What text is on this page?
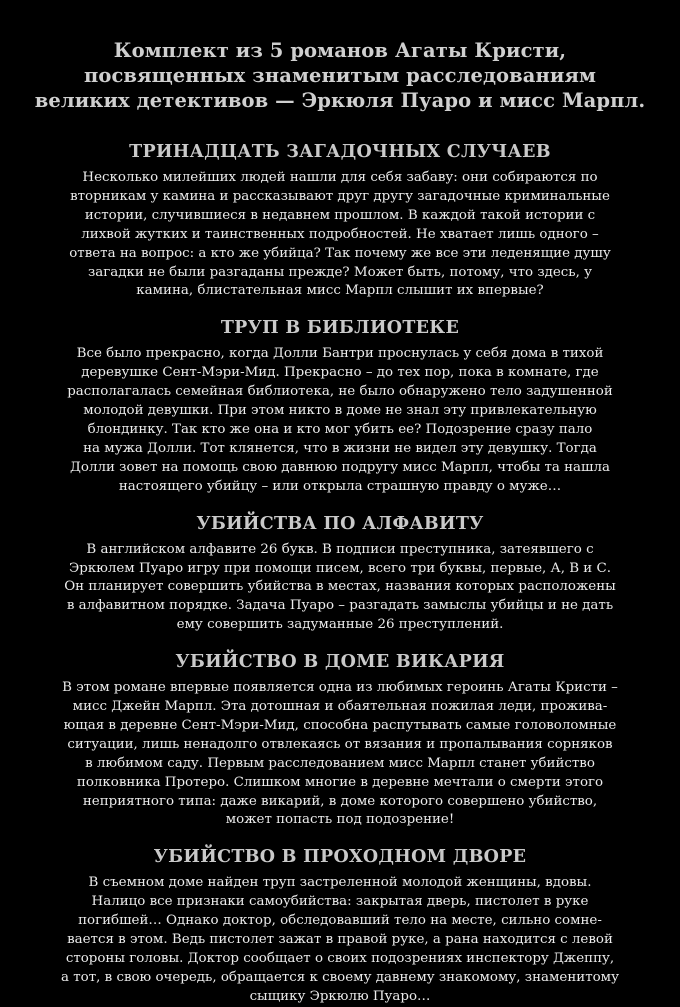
Комплект из 5 романов Агаты Кристи,
посвященных знаменитым расследованиям
великих детективов — Эркюля Пуаро и мисс Марпл.
ТРИНАДЦАТЬ ЗАГАДОЧНЫХ СЛУЧАЕВ
Несколько милейших людей нашли для себя забаву: они собираются по
вторникам у камина и рассказывают друг другу загадочные криминальные
истории, случившиеся в недавнем прошлом. В каждой такой истории с
лихвой жутких и таинственных подробностей. Не хватает лишь одного –
ответа на вопрос: а кто же убийца? Так почему же все эти леденящие душу
загадки не были разгаданы прежде? Может быть, потому, что здесь, у
камина, блистательная мисс Марпл слышит их впервые?
ТРУП В БИБЛИОТЕКЕ
Все было прекрасно, когда Долли Бантри проснулась у себя дома в тихой
деревушке Сент-Мэри-Мид. Прекрасно – до тех пор, пока в комнате, где
располагалась семейная библиотека, не было обнаружено тело задушенной
молодой девушки. При этом никто в доме не знал эту привлекательную
блондинку. Так кто же она и кто мог убить ее? Подозрение сразу пало
на мужа Долли. Тот клянется, что в жизни не видел эту девушку. Тогда
Долли зовет на помощь свою давнюю подругу мисс Марпл, чтобы та нашла
настоящего убийцу – или открыла страшную правду о муже…
УБИЙСТВА ПО АЛФАВИТУ
В английском алфавите 26 букв. В подписи преступника, затеявшего с
Эркюлем Пуаро игру при помощи писем, всего три буквы, первые, А, В и С.
Он планирует совершить убийства в местах, названия которых расположены
в алфавитном порядке. Задача Пуаро – разгадать замыслы убийцы и не дать
ему совершить задуманные 26 преступлений.
УБИЙСТВО В ДОМЕ ВИКАРИЯ
В этом романе впервые появляется одна из любимых героинь Агаты Кристи –
мисс Джейн Марпл. Эта дотошная и обаятельная пожилая леди, прожива-
ющая в деревне Сент-Мэри-Мид, способна распутывать самые головоломные
ситуации, лишь ненадолго отвлекаясь от вязания и пропалывания сорняков
в любимом саду. Первым расследованием мисс Марпл станет убийство
полковника Протеро. Слишком многие в деревне мечтали о смерти этого
неприятного типа: даже викарий, в доме которого совершено убийство,
может попасть под подозрение!
УБИЙСТВО В ПРОХОДНОМ ДВОРЕ
В съемном доме найден труп застреленной молодой женщины, вдовы.
Налицо все признаки самоубийства: закрытая дверь, пистолет в руке
погибшей… Однако доктор, обследовавший тело на месте, сильно сомне-
вается в этом. Ведь пистолет зажат в правой руке, а рана находится с левой
стороны головы. Доктор сообщает о своих подозрениях инспектору Джеппу,
а тот, в свою очередь, обращается к своему давнему знакомому, знаменитому
сыщику Эркюлю Пуаро…
